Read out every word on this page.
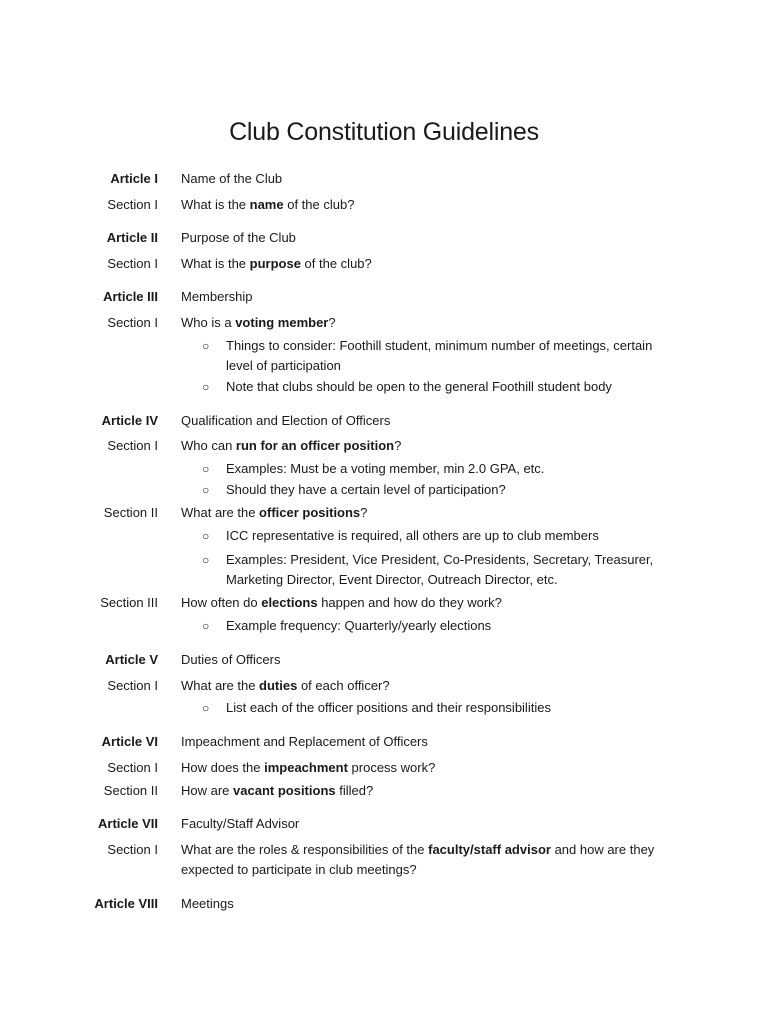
Club Constitution Guidelines
Article I Name of the Club
Section I What is the name of the club?
Article II Purpose of the Club
Section I What is the purpose of the club?
Article III Membership
Section I Who is a voting member?
○	Things to consider: Foothill student, minimum number of meetings, certain level of participation
○	Note that clubs should be open to the general Foothill student body
Article IV Qualification and Election of Officers
Section I Who can run for an officer position?
○	Examples: Must be a voting member, min 2.0 GPA, etc.
○	Should they have a certain level of participation?
Section II What are the officer positions?
○	ICC representative is required, all others are up to club members
○	Examples: President, Vice President, Co-Presidents, Secretary, Treasurer, Marketing Director, Event Director, Outreach Director, etc.
Section III How often do elections happen and how do they work?
○	Example frequency: Quarterly/yearly elections
Article V Duties of Officers
Section I What are the duties of each officer?
○	List each of the officer positions and their responsibilities
Article VI Impeachment and Replacement of Officers
Section I How does the impeachment process work?
Section II How are vacant positions filled?
Article VII Faculty/Staff Advisor
Section I What are the roles & responsibilities of the faculty/staff advisor and how are they expected to participate in club meetings?
Article VIII Meetings
